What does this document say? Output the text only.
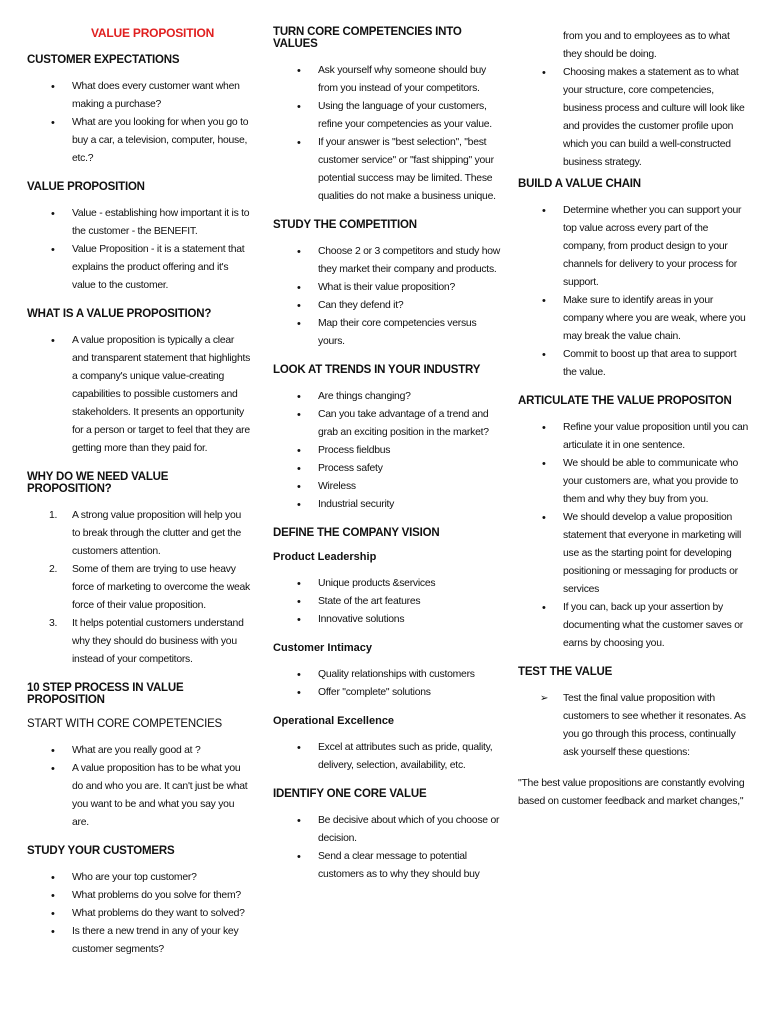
VALUE PROPOSITION
CUSTOMER EXPECTATIONS
• What does every customer want when making a purchase?
• What are you looking for when you go to buy a car, a television, computer, house, etc.?
VALUE PROPOSITION
• Value - establishing how important it is to the customer - the BENEFIT.
• Value Proposition - it is a statement that explains the product offering and it's value to the customer.
WHAT IS A VALUE PROPOSITION?
• A value proposition is typically a clear and transparent statement that highlights a company's unique value-creating capabilities to possible customers and stakeholders. It presents an opportunity for a person or target to feel that they are getting more than they paid for.
WHY DO WE NEED VALUE PROPOSITION?
A strong value proposition will help you to break through the clutter and get the customers attention.
Some of them are trying to use heavy force of marketing to overcome the weak force of their value proposition.
It helps potential customers understand why they should do business with you instead of your competitors.
10 STEP PROCESS IN VALUE PROPOSITION
START WITH CORE COMPETENCIES
• What are you really good at ?
• A value proposition has to be what you do and who you are. It can't just be what you want to be and what you say you are.
STUDY YOUR CUSTOMERS
• Who are your top customer?
• What problems do you solve for them?
• What problems do they want to solved?
• Is there a new trend in any of your key customer segments?
TURN CORE COMPETENCIES INTO VALUES
• Ask yourself why someone should buy from you instead of your competitors.
• Using the language of your customers, refine your competencies as your value.
• If your answer is "best selection", "best customer service" or "fast shipping" your potential success may be limited. These qualities do not make a business unique.
STUDY THE COMPETITION
• Choose 2 or 3 competitors and study how they market their company and products.
• What is their value proposition?
• Can they defend it?
• Map their core competencies versus yours.
LOOK AT TRENDS IN YOUR INDUSTRY
• Are things changing?
• Can you take advantage of a trend and grab an exciting position in the market?
• Process fieldbus
• Process safety
• Wireless
• Industrial security
DEFINE THE COMPANY VISION
Product Leadership
• Unique products &services
• State of the art features
• Innovative solutions
Customer Intimacy
• Quality relationships with customers
• Offer "complete" solutions
Operational Excellence
• Excel at attributes such as pride, quality, delivery, selection, availability, etc.
IDENTIFY ONE CORE VALUE
• Be decisive about which of you choose or decision.
• Send a clear message to potential customers as to why they should buy
from you and to employees as to what they should be doing.
• Choosing makes a statement as to what your structure, core competencies, business process and culture will look like and provides the customer profile upon which you can build a well-constructed business strategy.
BUILD A VALUE CHAIN
• Determine whether you can support your top value across every part of the company, from product design to your channels for delivery to your process for support.
• Make sure to identify areas in your company where you are weak, where you may break the value chain.
• Commit to boost up that area to support the value.
ARTICULATE THE VALUE PROPOSITON
• Refine your value proposition until you can articulate it in one sentence.
• We should be able to communicate who your customers are, what you provide to them and why they buy from you.
• We should develop a value proposition statement that everyone in marketing will use as the starting point for developing positioning or messaging for products or services
• If you can, back up your assertion by documenting what the customer saves or earns by choosing you.
TEST THE VALUE
➢ Test the final value proposition with customers to see whether it resonates. As you go through this process, continually ask yourself these questions:

"The best value propositions are constantly evolving based on customer feedback and market changes,"
